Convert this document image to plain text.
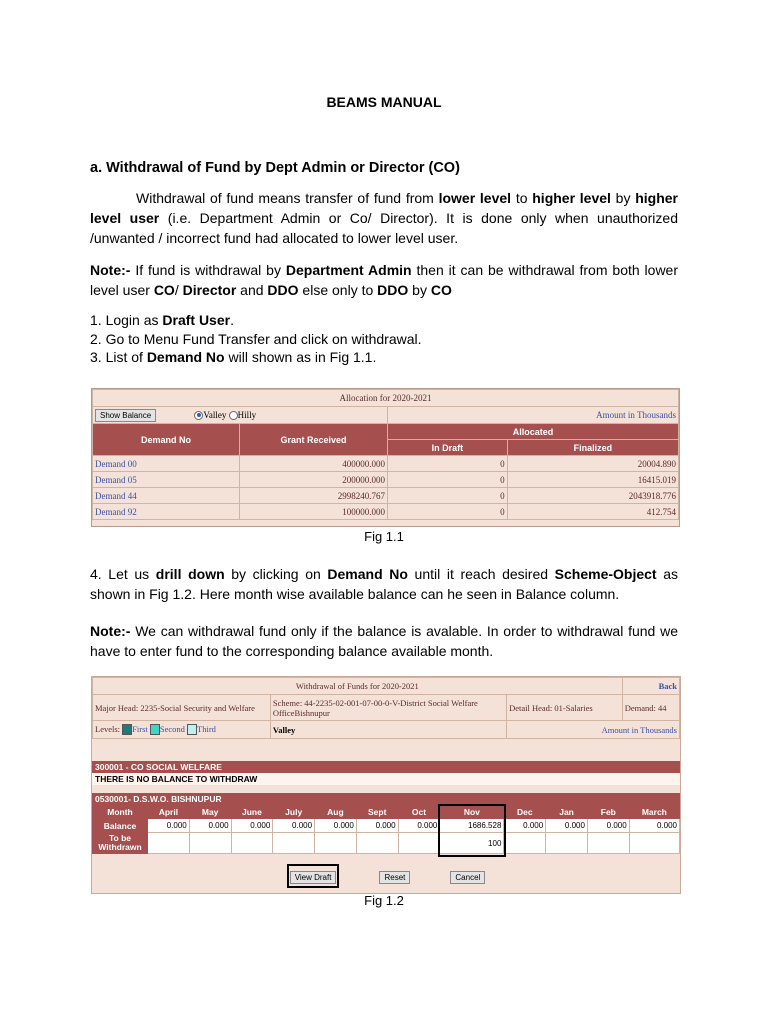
BEAMS MANUAL
a. Withdrawal of Fund by Dept Admin or Director (CO)
Withdrawal of fund means transfer of fund from lower level to higher level by higher level user (i.e. Department Admin or Co/ Director). It is done only when unauthorized /unwanted / incorrect fund had allocated to lower level user.
Note:- If fund is withdrawal by Department Admin then it can be withdrawal from both lower level user CO/ Director and DDO else only to DDO by CO
1. Login as Draft User.
2. Go to Menu Fund Transfer and click on withdrawal.
3. List of Demand No will shown as in Fig 1.1.
Allocation for 2020-2021			
Show Balance Valley Hilly		Amount in Thousands	
Demand No	Grant Received	Allocated	
		In Draft	Finalized
Demand 00	400000.000	0	20004.890
Demand 05	200000.000	0	16415.019
Demand 44	2998240.767	0	2043918.776
Demand 92	100000.000	0	412.754
Fig 1.1
4. Let us drill down by clicking on Demand No until it reach desired Scheme-Object as shown in Fig 1.2. Here month wise available balance can he seen in Balance column.
Note:- We can withdrawal fund only if the balance is avalable. In order to withdrawal fund we have to enter fund to the corresponding balance available month.
Withdrawal of Funds for 2020-2021			Back
Major Head: 2235-Social Security and Welfare	Scheme: 44-2235-02-001-07-00-0-V-District Social Welfare OfficeBishnupur	Detail Head: 01-Salaries	Demand: 44
Levels: First Second Third	Valley	Amount in Thousands	
300001 - CO SOCIAL WELFARE
THERE IS NO BALANCE TO WITHDRAW
0530001- D.S.W.O. BISHNUPUR
Month	April	May	June	July	Aug	Sept	Oct	Nov	Dec	Jan	Feb	March
Balance	0.000	0.000	0.000	0.000	0.000	0.000	0.000	1686.528	0.000	0.000	0.000	0.000
To be Withdrawn								100				
View Draft	Reset	Cancel
Fig 1.2
